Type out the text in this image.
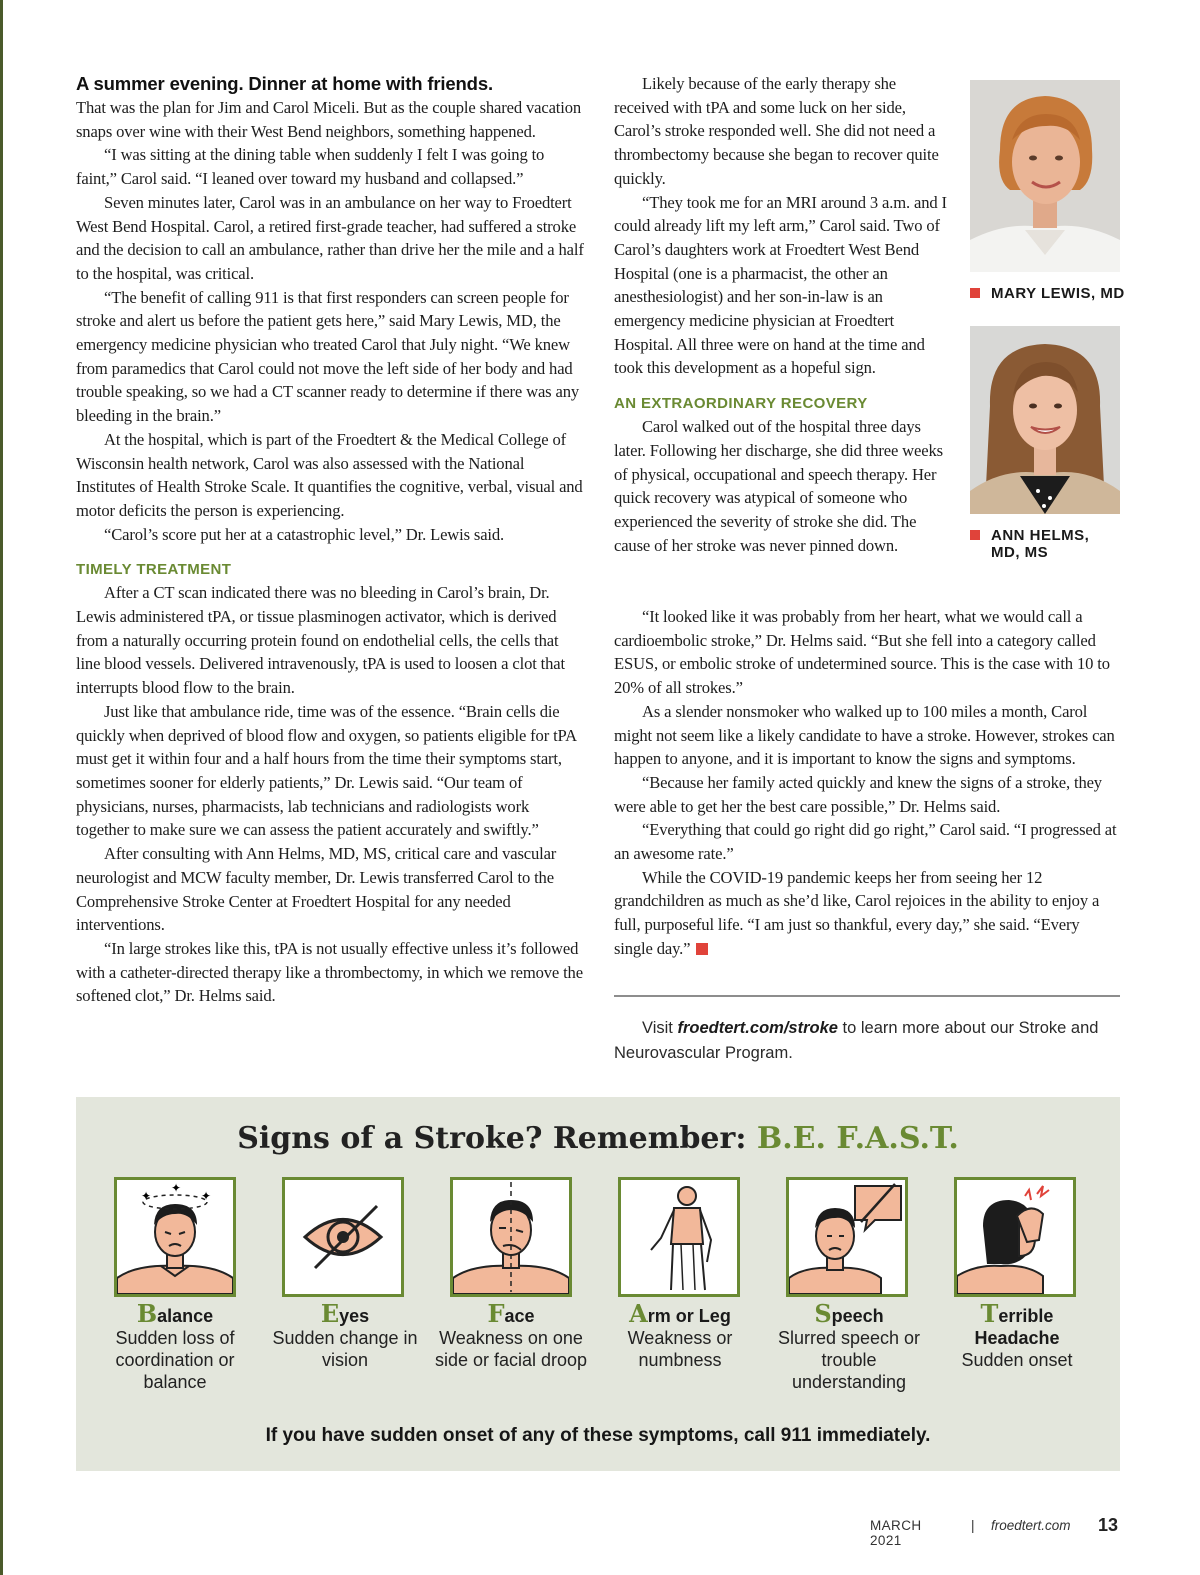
A summer evening. Dinner at home with friends.

That was the plan for Jim and Carol Miceli. But as the couple shared vacation snaps over wine with their West Bend neighbors, something happened.

“I was sitting at the dining table when suddenly I felt I was going to faint,” Carol said. “I leaned over toward my husband and collapsed.”

Seven minutes later, Carol was in an ambulance on her way to Froedtert West Bend Hospital. Carol, a retired first-grade teacher, had suffered a stroke and the decision to call an ambulance, rather than drive her the mile and a half to the hospital, was critical.

“The benefit of calling 911 is that first responders can screen people for stroke and alert us before the patient gets here,” said Mary Lewis, MD, the emergency medicine physician who treated Carol that July night. “We knew from paramedics that Carol could not move the left side of her body and had trouble speaking, so we had a CT scanner ready to determine if there was any bleeding in the brain.”

At the hospital, which is part of the Froedtert & the Medical College of Wisconsin health network, Carol was also assessed with the National Institutes of Health Stroke Scale. It quantifies the cognitive, verbal, visual and motor deficits the person is experiencing.

“Carol’s score put her at a catastrophic level,” Dr. Lewis said.

TIMELY TREATMENT

After a CT scan indicated there was no bleeding in Carol’s brain, Dr. Lewis administered tPA, or tissue plasminogen activator, which is derived from a naturally occurring protein found on endothelial cells, the cells that line blood vessels. Delivered intravenously, tPA is used to loosen a clot that interrupts blood flow to the brain.

Just like that ambulance ride, time was of the essence. “Brain cells die quickly when deprived of blood flow and oxygen, so patients eligible for tPA must get it within four and a half hours from the time their symptoms start, sometimes sooner for elderly patients,” Dr. Lewis said. “Our team of physicians, nurses, pharmacists, lab technicians and radiologists work together to make sure we can assess the patient accurately and swiftly.”

After consulting with Ann Helms, MD, MS, critical care and vascular neurologist and MCW faculty member, Dr. Lewis transferred Carol to the Comprehensive Stroke Center at Froedtert Hospital for any needed interventions.

“In large strokes like this, tPA is not usually effective unless it’s followed with a catheter-directed therapy like a thrombectomy, in which we remove the softened clot,” Dr. Helms said.

Likely because of the early therapy she received with tPA and some luck on her side, Carol’s stroke responded well. She did not need a thrombectomy because she began to recover quite quickly.

“They took me for an MRI around 3 a.m. and I could already lift my left arm,” Carol said. Two of Carol’s daughters work at Froedtert West Bend Hospital (one is a pharmacist, the other an anesthesiologist) and her son-in-law is an emergency medicine physician at Froedtert Hospital. All three were on hand at the time and took this development as a hopeful sign.

AN EXTRAORDINARY RECOVERY

Carol walked out of the hospital three days later. Following her discharge, she did three weeks of physical, occupational and speech therapy. Her quick recovery was atypical of someone who experienced the severity of stroke she did. The cause of her stroke was never pinned down.

“It looked like it was probably from her heart, what we would call a cardioembolic stroke,” Dr. Helms said. “But she fell into a category called ESUS, or embolic stroke of undetermined source. This is the case with 10 to 20% of all strokes.”

As a slender nonsmoker who walked up to 100 miles a month, Carol might not seem like a likely candidate to have a stroke. However, strokes can happen to anyone, and it is important to know the signs and symptoms.

“Because her family acted quickly and knew the signs of a stroke, they were able to get her the best care possible,” Dr. Helms said.

“Everything that could go right did go right,” Carol said. “I progressed at an awesome rate.”

While the COVID-19 pandemic keeps her from seeing her 12 grandchildren as much as she’d like, Carol rejoices in the ability to enjoy a full, purposeful life. “I am just so thankful, every day,” she said. “Every single day.”

MARY LEWIS, MD
ANN HELMS,
MD, MS
Visit froedtert.com/stroke to learn more about our Stroke and Neurovascular Program.
Signs of a Stroke? Remember: B.E. F.A.S.T.
✦
✦
✦
Balance
Sudden loss of coordination or balance
Eyes
Sudden change in vision
Face
Weakness on one side or facial droop
Arm or Leg
Weakness or numbness
Speech
Slurred speech or trouble understanding
Terrible
Headache
Sudden onset
If you have sudden onset of any of these symptoms, call 911 immediately.
MARCH 2021
| froedtert.com 13
